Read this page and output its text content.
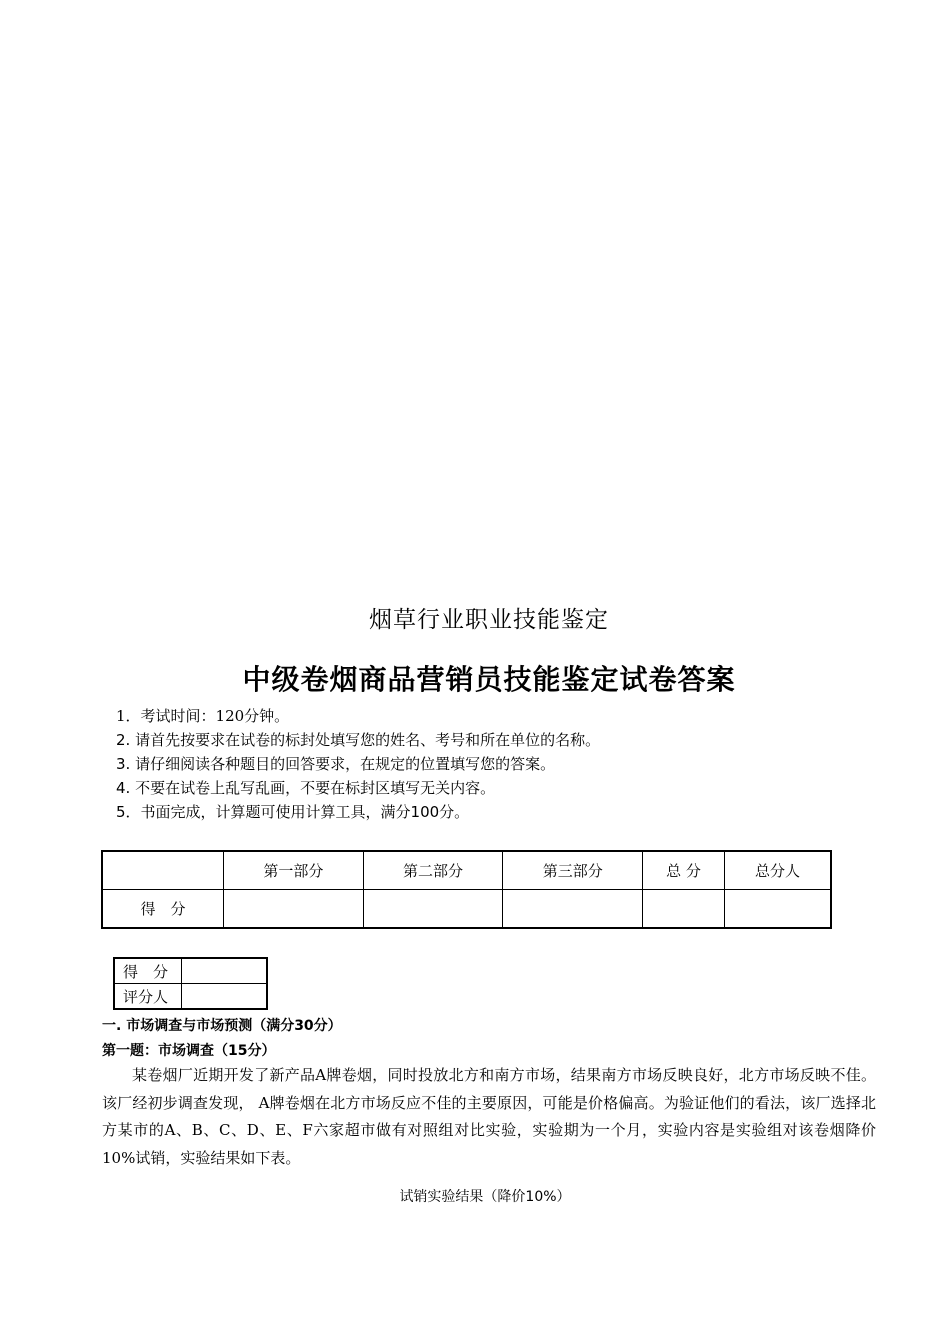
烟草行业职业技能鉴定
中级卷烟商品营销员技能鉴定试卷答案
1．考试时间：120分钟。
2. 请首先按要求在试卷的标封处填写您的姓名、考号和所在单位的名称。
3. 请仔细阅读各种题目的回答要求，在规定的位置填写您的答案。
4. 不要在试卷上乱写乱画，不要在标封区填写无关内容。
5．书面完成，计算题可使用计算工具，满分100分。
	第一部分	第二部分	第三部分	总 分	总分人
得　分					
得　分	
评分人	
一. 市场调查与市场预测（满分30分）
第一题：市场调查（15分）

某卷烟厂近期开发了新产品A牌卷烟，同时投放北方和南方市场，结果南方市场反映良好，北方市场反映不佳。该厂经初步调查发现， A牌卷烟在北方市场反应不佳的主要原因，可能是价格偏高。为验证他们的看法，该厂选择北方某市的A、B、C、D、E、F六家超市做有对照组对比实验，实验期为一个月，实验内容是实验组对该卷烟降价10%试销，实验结果如下表。

试销实验结果（降价10%）
